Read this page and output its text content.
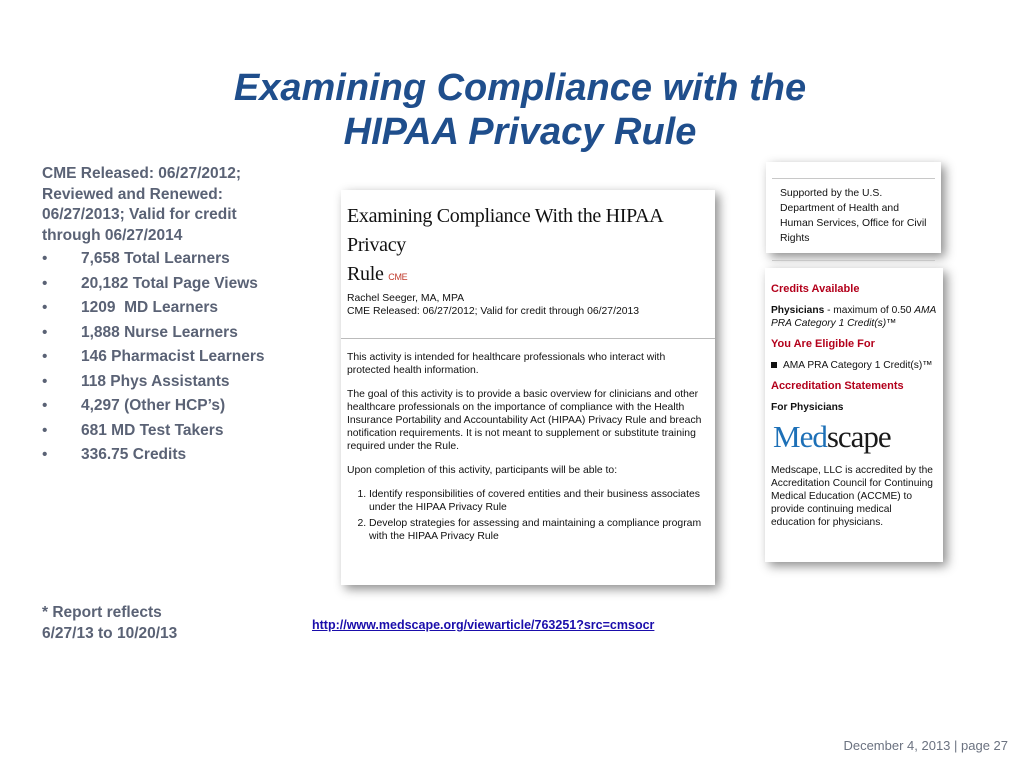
Examining Compliance with the
HIPAA Privacy Rule
CME Released: 06/27/2012; Reviewed and Renewed: 06/27/2013; Valid for credit through 06/27/2014
• 7,658 Total Learners
• 20,182 Total Page Views
• 1209  MD Learners
• 1,888 Nurse Learners
• 146 Pharmacist Learners
• 118 Phys Assistants
• 4,297 (Other HCP’s)
• 681 MD Test Takers
• 336.75 Credits
* Report reflects
6/27/13 to 10/20/13
Examining Compliance With the HIPAA Privacy
Rule CME
Rachel Seeger, MA, MPA
CME Released: 06/27/2012; Valid for credit through 06/27/2013

This activity is intended for healthcare professionals who interact with protected health information.

The goal of this activity is to provide a basic overview for clinicians and other healthcare professionals on the importance of compliance with the Health Insurance Portability and Accountability Act (HIPAA) Privacy Rule and breach notification requirements. It is not meant to supplement or substitute training required under the Rule.

Upon completion of this activity, participants will be able to:

1. Identify responsibilities of covered entities and their business associates under the HIPAA Privacy Rule
2. Develop strategies for assessing and maintaining a compliance program with the HIPAA Privacy Rule
Supported by the U.S. Department of Health and Human Services, Office for Civil Rights
Credits Available
Physicians - maximum of 0.50 AMA PRA Category 1 Credit(s)™
You Are Eligible For
AMA PRA Category 1 Credit(s)™
Accreditation Statements
For Physicians
Medscape
Medscape, LLC is accredited by the Accreditation Council for Continuing Medical Education (ACCME) to provide continuing medical education for physicians.
http://www.medscape.org/viewarticle/763251?src=cmsocr
December 4, 2013 | page 27
